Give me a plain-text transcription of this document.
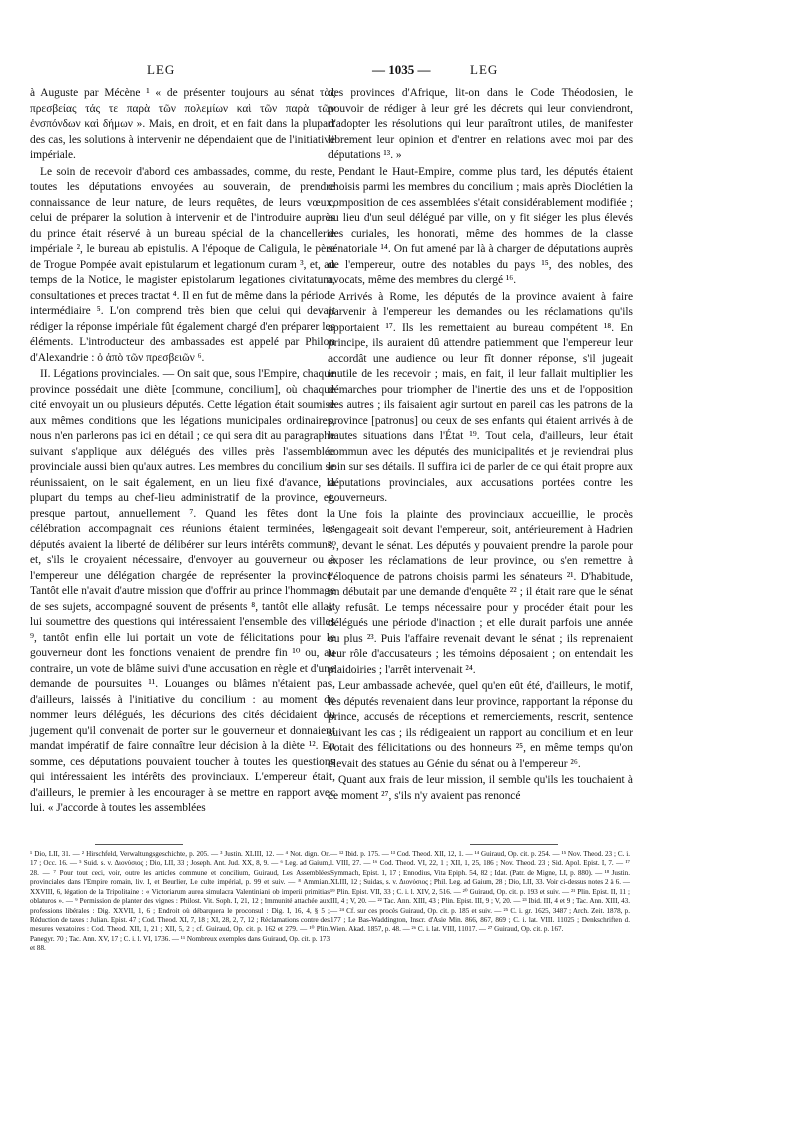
LEG	— 1035 —	LEG

à Auguste par Mécène ¹ « de présenter toujours au sénat τὰς πρεσβείας τάς τε παρὰ τῶν πολεμίων καὶ τῶν παρὰ τῶν ἐνσπόνδων καὶ δήμων ». Mais, en droit, et en fait dans la plupart des cas, les solutions à intervenir ne dépendaient que de l'initiative impériale.

Le soin de recevoir d'abord ces ambassades, comme, du reste, toutes les députations envoyées au souverain, de prendre connaissance de leur nature, de leurs requêtes, de leurs vœux, celui de préparer la solution à intervenir et de l'introduire auprès du prince était réservé à un bureau spécial de la chancellerie impériale ², le bureau ab epistulis. A l'époque de Caligula, le père de Trogue Pompée avait epistularum et legationum curam ³, et, au temps de la Notice, le magister epistolarum legationes civitatum, consultationes et preces tractat ⁴. Il en fut de même dans la période intermédiaire ⁵. L'on comprend très bien que celui qui devait rédiger la réponse impériale fût également chargé d'en préparer les éléments. L'introducteur des ambassades est appelé par Philon d'Alexandrie : ὁ ἀπὸ τῶν πρεσβειῶν ⁶.

II. Légations provinciales. — On sait que, sous l'Empire, chaque province possédait une diète [commune, concilium], où chaque cité envoyait un ou plusieurs députés. Cette légation était soumise aux mêmes conditions que les légations municipales ordinaires, nous n'en parlerons pas ici en détail ; ce qui sera dit au paragraphe suivant s'applique aux délégués des villes près l'assemblée provinciale aussi bien qu'aux autres. Les membres du concilium se réunissaient, on le sait également, en un lieu fixé d'avance, la plupart du temps au chef-lieu administratif de la province, et, presque partout, annuellement ⁷. Quand les fêtes dont la célébration accompagnait ces réunions étaient terminées, les députés avaient la liberté de délibérer sur leurs intérêts communs, et, s'ils le croyaient nécessaire, d'envoyer au gouverneur ou à l'empereur une délégation chargée de représenter la province. Tantôt elle n'avait d'autre mission que d'offrir au prince l'hommage de ses sujets, accompagné souvent de présents ⁸, tantôt elle allait lui soumettre des questions qui intéressaient l'ensemble des villes ⁹, tantôt enfin elle lui portait un vote de félicitations pour le gouverneur dont les fonctions venaient de prendre fin ¹⁰ ou, au contraire, un vote de blâme suivi d'une accusation en règle et d'une demande de poursuites ¹¹. Louanges ou blâmes n'étaient pas, d'ailleurs, laissés à l'initiative du concilium : au moment de nommer leurs délégués, les décurions des cités décidaient du jugement qu'il convenait de porter sur le gouverneur et donnaient mandat impératif de faire connaître leur décision à la diète ¹². En somme, ces députations pouvaient toucher à toutes les questions qui intéressaient les intérêts des provinciaux. L'empereur était, d'ailleurs, le premier à les encourager à se mettre en rapport avec lui. « J'accorde à toutes les assemblées

des provinces d'Afrique, lit-on dans le Code Théodosien, le pouvoir de rédiger à leur gré les décrets qui leur conviendront, d'adopter les résolutions qui leur paraîtront utiles, de manifester librement leur opinion et d'entrer en relations avec moi par des députations ¹³. »

Pendant le Haut-Empire, comme plus tard, les députés étaient choisis parmi les membres du concilium ; mais après Dioclétien la composition de ces assemblées s'était considérablement modifiée ; au lieu d'un seul délégué par ville, on y fit siéger les plus élevés des curiales, les honorati, même des hommes de la classe sénatoriale ¹⁴. On fut amené par là à charger de députations auprès de l'empereur, outre des notables du pays ¹⁵, des nobles, des avocats, même des membres du clergé ¹⁶.

Arrivés à Rome, les députés de la province avaient à faire parvenir à l'empereur les demandes ou les réclamations qu'ils apportaient ¹⁷. Ils les remettaient au bureau compétent ¹⁸. En principe, ils auraient dû attendre patiemment que l'empereur leur accordât une audience ou leur fît donner réponse, s'il jugeait inutile de les recevoir ; mais, en fait, il leur fallait multiplier les démarches pour triompher de l'inertie des uns et de l'opposition des autres ; ils faisaient agir surtout en pareil cas les patrons de la province [patronus] ou ceux de ses enfants qui étaient arrivés à de hautes situations dans l'État ¹⁹. Tout cela, d'ailleurs, leur était commun avec les députés des municipalités et je reviendrai plus loin sur ses détails. Il suffira ici de parler de ce qui était propre aux députations provinciales, aux accusations portées contre les gouverneurs.

Une fois la plainte des provinciaux accueillie, le procès s'engageait soit devant l'empereur, soit, antérieurement à Hadrien ²⁰, devant le sénat. Les députés y pouvaient prendre la parole pour exposer les réclamations de leur province, ou s'en remettre à l'éloquence de patrons choisis parmi les sénateurs ²¹. D'habitude, on débutait par une demande d'enquête ²² ; il était rare que le sénat s'y refusât. Le temps nécessaire pour y procéder était pour les délégués une période d'inaction ; et elle durait parfois une année ou plus ²³. Puis l'affaire revenait devant le sénat ; ils reprenaient leur rôle d'accusateurs ; les témoins déposaient ; on entendait les plaidoiries ; l'arrêt intervenait ²⁴.

Leur ambassade achevée, quel qu'en eût été, d'ailleurs, le motif, les députés revenaient dans leur province, rapportant la réponse du prince, accusés de réceptions et remerciements, rescrit, sentence suivant les cas ; ils rédigeaient un rapport au concilium et en leur votait des félicitations ou des honneurs ²⁵, en même temps qu'on élevait des statues au Génie du sénat ou à l'empereur ²⁶.

Quant aux frais de leur mission, il semble qu'ils les touchaient à ce moment ²⁷, s'ils n'y avaient pas renoncé

¹ Dio, LII, 31. — ² Hirschfeld, Verwaltungsgeschichte, p. 205. — ³ Justin. XLIII, 12. — ⁴ Not. dign. Or. 17 ; Occ. 16. — ⁵ Suid. s. v. Διονύσιος ; Dio, LII, 33 ; Joseph. Ant. Jud. XX, 8, 9. — ⁶ Leg. ad Gaium, 28. — ⁷ Pour tout ceci, voir, outre les articles commune et concilium, Guiraud, Les Assemblées provinciales dans l'Empire romain, liv. I, et Beurlier, Le culte impérial, p. 99 et suiv. — ⁸ Ammian. XXVIII, 6, légation de la Tripolitaine : « Victoriarum aurea simulacra Valentiniani ob imperii primitias oblaturos ». — ⁹ Permission de planter des vignes : Philost. Vit. Soph. I, 21, 12 ; Immunité attachée aux professions libérales : Dig. XXVII, 1, 6 ; Endroit où débarquera le proconsul : Dig. I, 16, 4, § 5 ; Réduction de taxes : Julian. Epist. 47 ; Cod. Theod. XI, 7, 18 ; XI, 28, 2, 7, 12 ; Réclamations contre des mesures vexatoires : Cod. Theod. XII, 1, 21 ; XII, 5, 2 ; cf. Guiraud, Op. cit. p. 162 et 279. — ¹⁰ Plin. Panegyr. 70 ; Tac. Ann. XV, 17 ; C. i. l. VI, 1736. — ¹¹ Nombreux exemples dans Guiraud, Op. cit. p. 173 et 88.
— ¹² Ibid. p. 175. — ¹³ Cod. Theod. XII, 12, 1. — ¹⁴ Guiraud, Op. cit. p. 254. — ¹⁵ Nov. Theod. 23 ; C. i. l. VIII, 27. — ¹⁶ Cod. Theod. VI, 22, 1 ; XII, 1, 25, 186 ; Nov. Theod. 23 ; Sid. Apol. Epist. I, 7. — ¹⁷ Symmach, Epist. 1, 17 ; Ennodius, Vita Epiph. 54, 82 ; Idat. (Patr. de Migne, LI, p. 880). — ¹⁸ Justin. XLIII, 12 ; Suidas, s. v. Διονύσιος ; Phil. Leg. ad Gaium, 28 ; Dio, LII, 33. Voir ci-dessus notes 2 à 6. — ¹⁹ Plin. Epist. VII, 33 ; C. i. l. XIV, 2, 516. — ²⁰ Guiraud, Op. cit. p. 193 et suiv. — ²¹ Plin. Epist. II, 11 ; III, 4 ; V, 20. — ²² Tac. Ann. XIII, 43 ; Plin. Epist. III, 9 ; V, 20. — ²³ Ibid. III, 4 et 9 ; Tac. Ann. XIII, 43. — ²⁴ Cf. sur ces procès Guiraud, Op. cit. p. 185 et suiv. — ²⁵ C. i. gr. 1625, 3487 ; Arch. Zeit. 1878, p. 177 ; Le Bas-Waddington, Inscr. d'Asie Min. 866, 867, 869 ; C. i. lat. VIII. 11025 ; Denkschriften d. Wien. Akad. 1857, p. 48. — ²⁶ C. i. lat. VIII, 11017. — ²⁷ Guiraud, Op. cit. p. 167.
